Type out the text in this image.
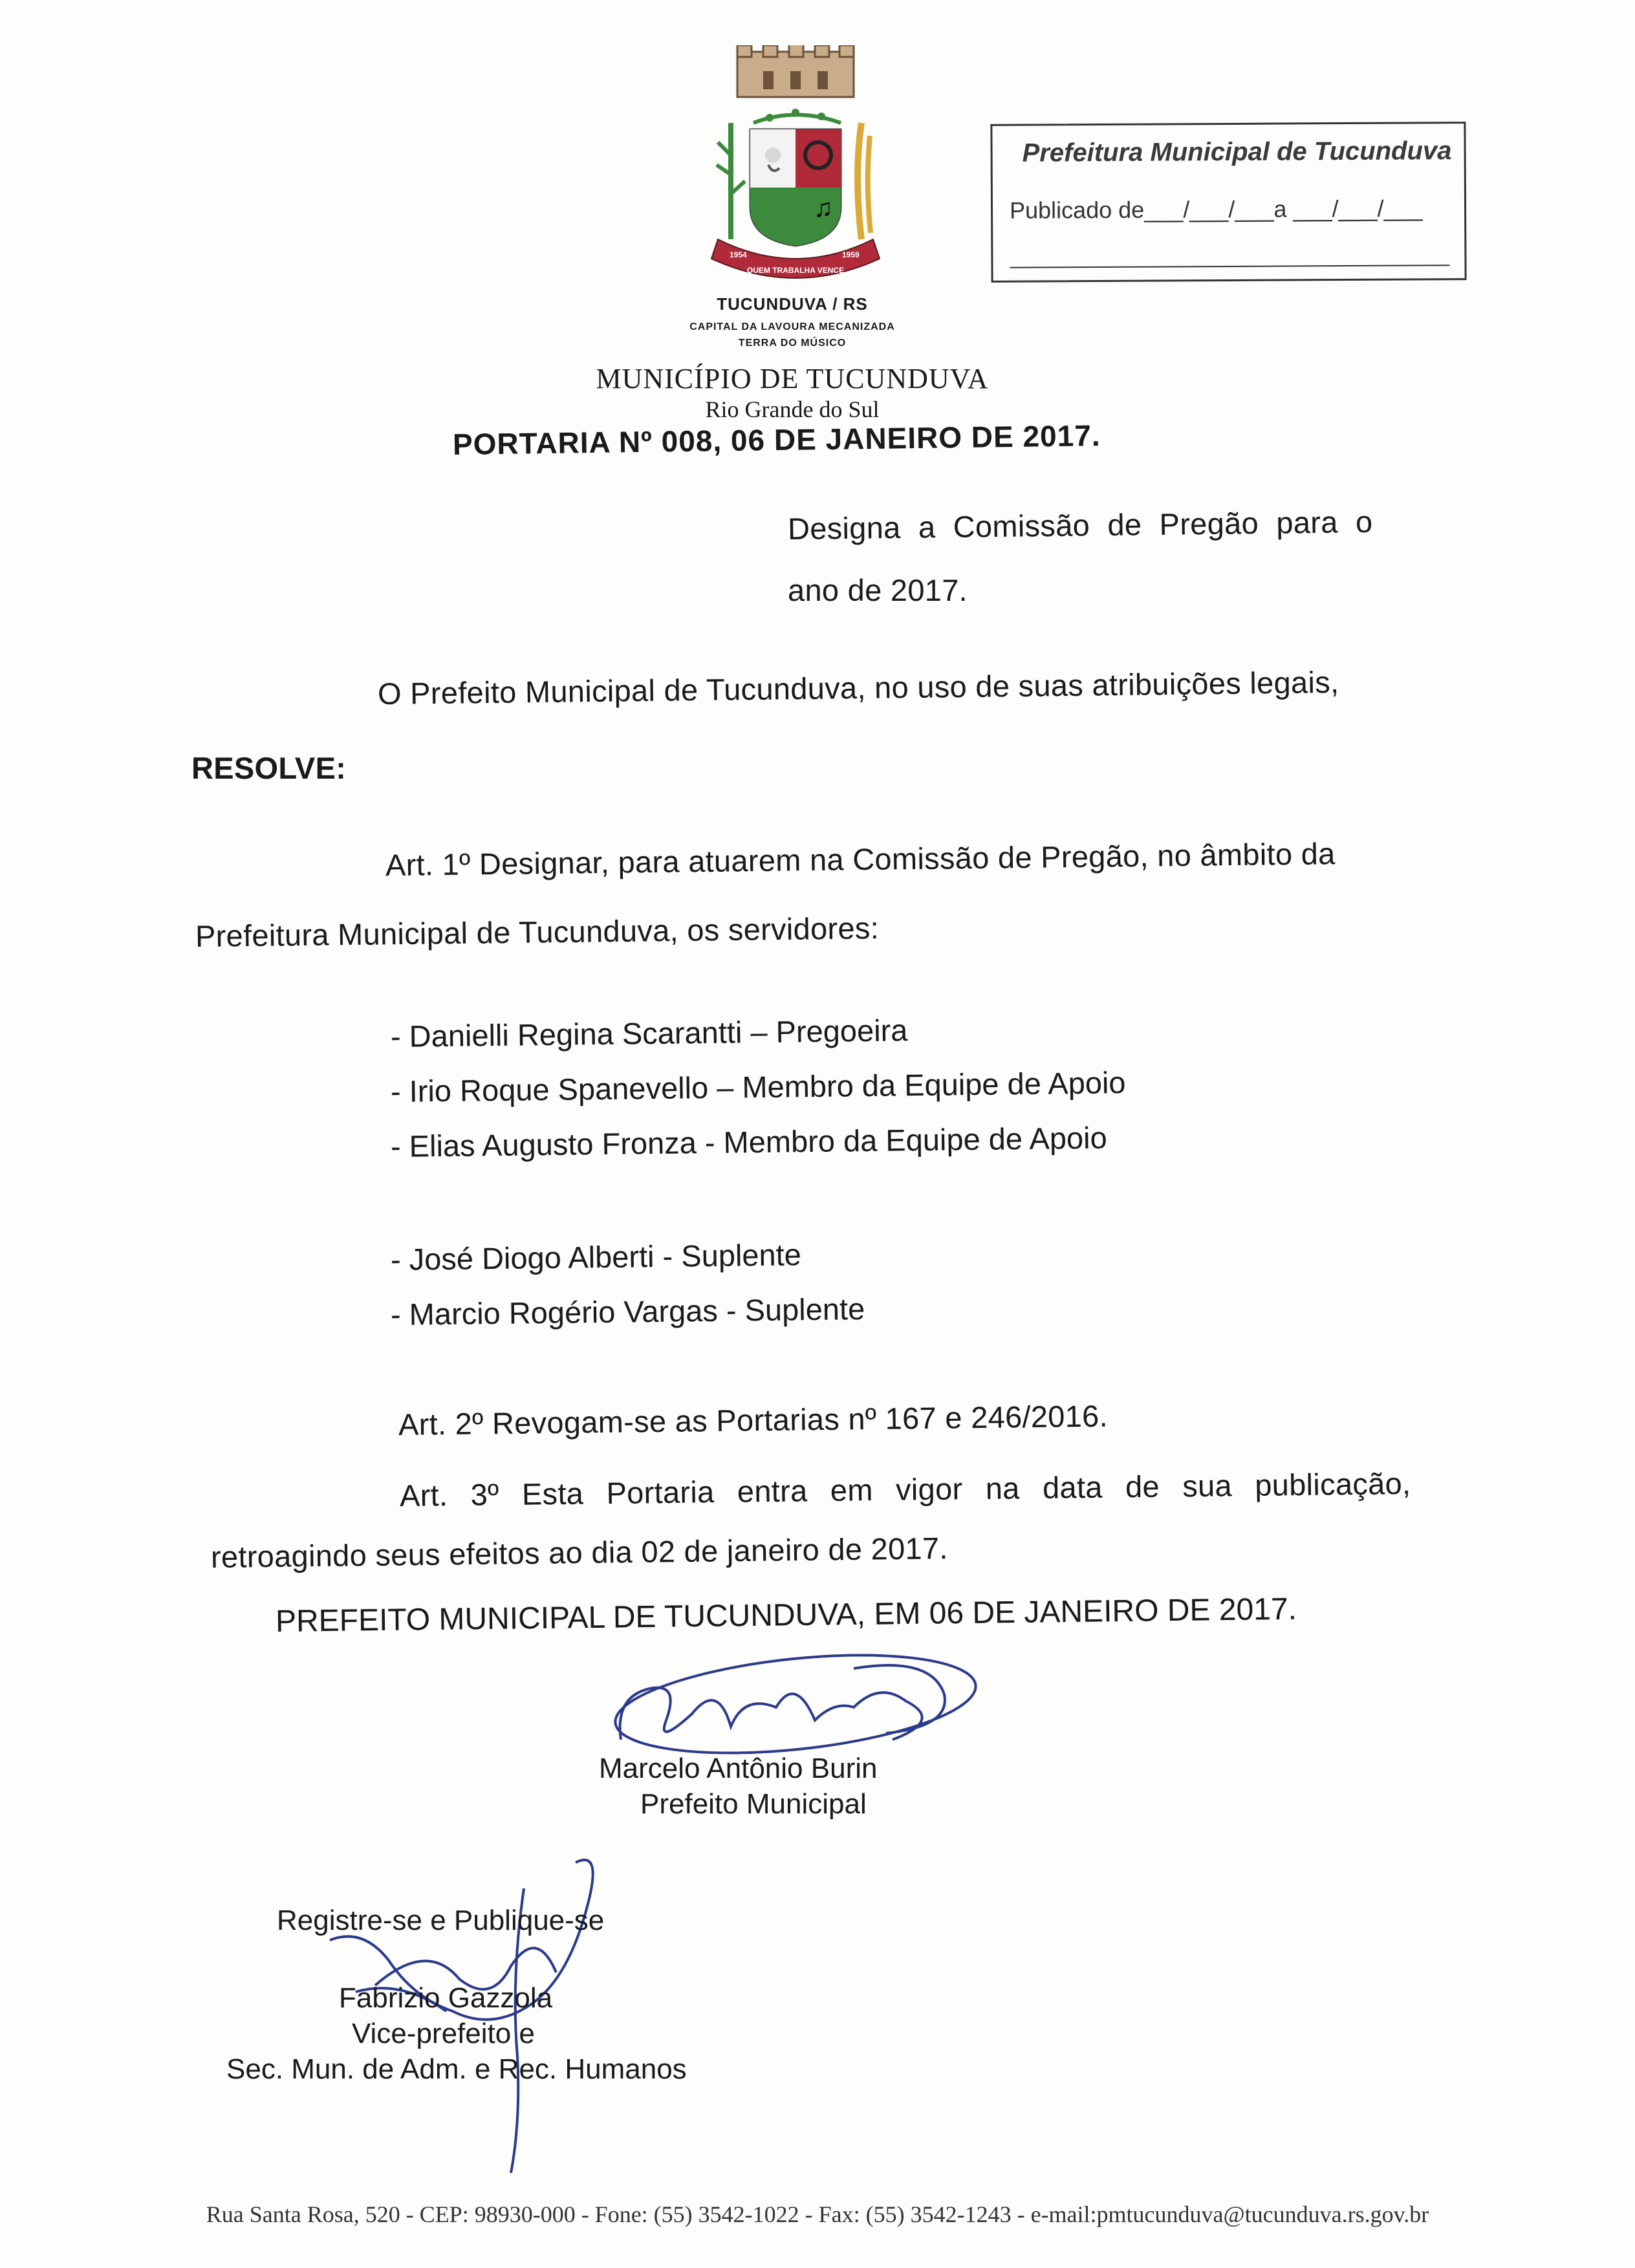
♫
QUEM TRABALHA VENCE
1954	1959
TUCUNDUVA / RS
CAPITAL DA LAVOURA MECANIZADA
TERRA DO MÚSICO
MUNICÍPIO DE TUCUNDUVA
Rio Grande do Sul
Prefeitura Municipal de Tucunduva
Publicado de___/___/___a ___/___/___
PORTARIA Nº 008, 06 DE JANEIRO DE 2017.
Designa a Comissão de Pregão para o
ano de 2017.
O Prefeito Municipal de Tucunduva, no uso de suas atribuições legais,
RESOLVE:
Art. 1º Designar, para atuarem na Comissão de Pregão, no âmbito da
Prefeitura Municipal de Tucunduva, os servidores:
- Danielli Regina Scarantti – Pregoeira
- Irio Roque Spanevello – Membro da Equipe de Apoio
- Elias Augusto Fronza - Membro da Equipe de Apoio
- José Diogo Alberti - Suplente
- Marcio Rogério Vargas - Suplente
Art. 2º Revogam-se as Portarias nº 167 e 246/2016.
Art. 3º Esta Portaria entra em vigor na data de sua publicação,
retroagindo seus efeitos ao dia 02 de janeiro de 2017.
PREFEITO MUNICIPAL DE TUCUNDUVA, EM 06 DE JANEIRO DE 2017.
Marcelo Antônio Burin
Prefeito Municipal
Registre-se e Publique-se
Fabrizio Gazzola
Vice-prefeito e
Sec. Mun. de Adm. e Rec. Humanos
Rua Santa Rosa, 520 - CEP: 98930-000 - Fone: (55) 3542-1022 - Fax: (55) 3542-1243 - e-mail:pmtucunduva@tucunduva.rs.gov.br
